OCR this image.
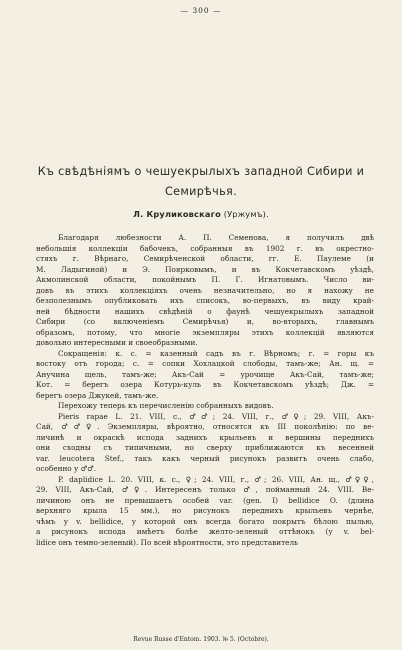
— 300 —
Къ свѣдѣніямъ о чешуекрылыхъ западной Сибири и
Семирѣчья.
Л. Круликовскаго (Уржумъ).
Благодаря любезности А. П. Семенова, я получилъ двѣ
небольшія коллекціи бабочекъ, собранныя въ 1902 г. въ окрестно-
стяхъ г. Вѣрнаго, Семирѣченской области, гг. Е. Паулеме (и
М. Ладыгиной) и Э. Поярковымъ, и въ Кокчетавскомъ уѣздѣ,
Акмолинской области, покойнымъ П. Г. Игнатовымъ. Число ви-
довъ въ этихъ коллекціяхъ очень незначительно, но я нахожу не
безполезнымъ опубликовать ихъ списокъ, во-первыхъ, въ виду край-
ней бѣдности нашихъ свѣдѣній о фаунѣ чешуекрылыхъ западной
Сибири (со включеніемъ Семирѣчья) и, во-вторыхъ, главнымъ
образомъ, потому, что многіе экземпляры этихъ коллекцій являются
довольно интересными и своеобразными.
Сокращенія: к. с. = казенный садъ въ г. Вѣрномъ; г. = горы къ
востоку отъ города; с. = сопки Хохлацкой слободы, тамъ-же; Ан. щ. =
Анучина щель, тамъ-же; Акъ-Сай = урочище Акъ-Сай, тамъ-же;
Кот. = берегъ озера Котурь-куль въ Кокчетавскомъ уѣздѣ; Дж. =
берегъ озера Джукей, тамъ-же.
Перехожу теперь къ перечисленію собранныхъ видовъ.
Pieris rapae L. 21. VIII, с., ♂♂; 24. VIII, г., ♂♀; 29. VIII, Акъ-
Сай, ♂♂♀. Экземпляры, вѣроятно, относятся къ III поколѣнію: по ве-
личинѣ и окраскѣ испода заднихъ крыльевъ и вершины переднихъ
они сходны съ типичными, но сверху приближаются къ весенней
var. leucotera Stef., такъ какъ черный рисунокъ развитъ очень слабо,
особенно у ♂♂.
P. daplidice L. 20. VIII, к. с., ♀; 24. VIII, г., ♂; 26. VIII, Ан. щ., ♂♀♀,
29. VIII, Акъ-Сай, ♂♀. Интересенъ только ♂, пойманный 24. VIII. Ве-
личиною онъ не превышаетъ особей var. (gen. I) bellidice O. (длина
верхняго крыла 15 мм.), но рисунокъ переднихъ крыльевъ чернѣе,
чѣмъ у v. bellidice, у которой онъ всегда богато покрытъ бѣлою пылью,
а рисунокъ испода имѣетъ болѣе желто-зеленый оттѣнокъ (у v. bel-
lidice онъ темно-зеленый). По всей вѣроятности, это представитель
Revue Russe d'Entom. 1903. № 5. (Octobre).
